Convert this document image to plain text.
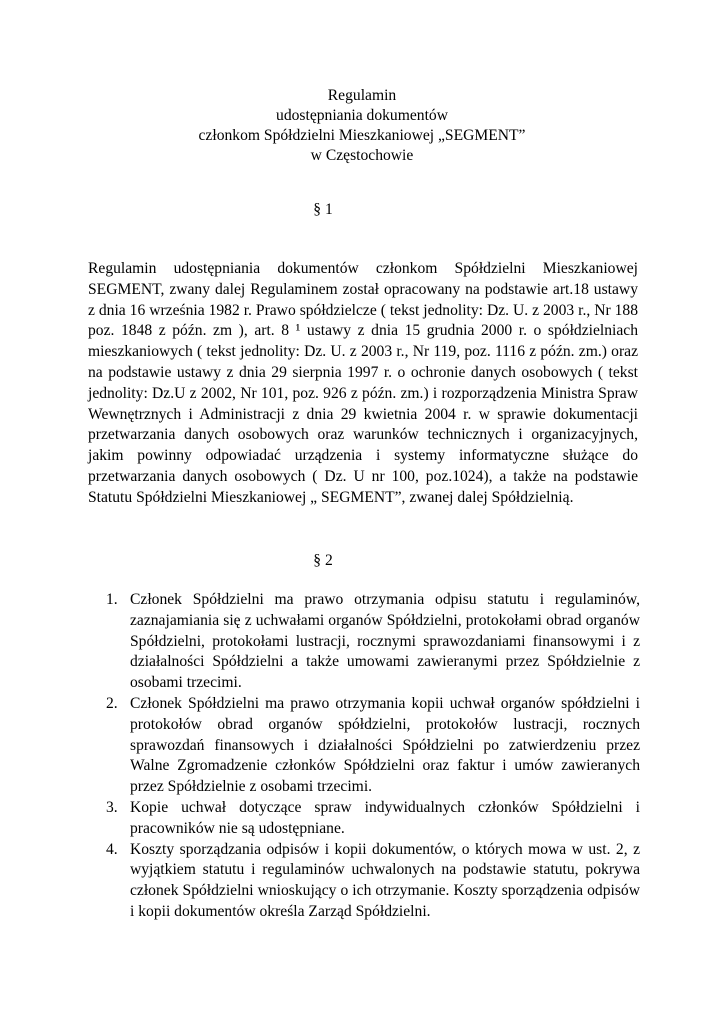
Regulamin
udostępniania dokumentów
członkom Spółdzielni Mieszkaniowej „SEGMENT”
w Częstochowie
§ 1

Regulamin udostępniania dokumentów członkom Spółdzielni Mieszkaniowej SEGMENT, zwany dalej Regulaminem został opracowany na podstawie art.18 ustawy z dnia 16 września 1982 r. Prawo spółdzielcze ( tekst jednolity: Dz. U. z 2003 r., Nr 188 poz. 1848 z późn. zm ), art. 8 ¹ ustawy z dnia 15 grudnia 2000 r. o spółdzielniach mieszkaniowych ( tekst jednolity: Dz. U. z 2003 r., Nr 119, poz. 1116 z późn. zm.) oraz na podstawie ustawy z dnia 29 sierpnia 1997 r. o ochronie danych osobowych ( tekst jednolity: Dz.U z 2002, Nr 101, poz. 926 z późn. zm.) i rozporządzenia Ministra Spraw Wewnętrznych i Administracji z dnia 29 kwietnia 2004 r. w sprawie dokumentacji przetwarzania danych osobowych oraz warunków technicznych i organizacyjnych, jakim powinny odpowiadać urządzenia i systemy informatyczne służące do przetwarzania danych osobowych ( Dz. U nr 100, poz.1024), a także na podstawie Statutu Spółdzielni Mieszkaniowej „ SEGMENT”, zwanej dalej Spółdzielnią.

§ 2
1. Członek Spółdzielni ma prawo otrzymania odpisu statutu i regulaminów, zaznajamiania się z uchwałami organów Spółdzielni, protokołami obrad organów Spółdzielni, protokołami lustracji, rocznymi sprawozdaniami finansowymi i z działalności Spółdzielni a także umowami zawieranymi przez Spółdzielnie z osobami trzecimi.
2. Członek Spółdzielni ma prawo otrzymania kopii uchwał organów spółdzielni i protokołów obrad organów spółdzielni, protokołów lustracji, rocznych sprawozdań finansowych i działalności Spółdzielni po zatwierdzeniu przez Walne Zgromadzenie członków Spółdzielni oraz faktur i umów zawieranych przez Spółdzielnie z osobami trzecimi.
3. Kopie uchwał dotyczące spraw indywidualnych członków Spółdzielni i pracowników nie są udostępniane.
4. Koszty sporządzania odpisów i kopii dokumentów, o których mowa w ust. 2, z wyjątkiem statutu i regulaminów uchwalonych na podstawie statutu, pokrywa członek Spółdzielni wnioskujący o ich otrzymanie. Koszty sporządzenia odpisów i kopii dokumentów określa Zarząd Spółdzielni.
